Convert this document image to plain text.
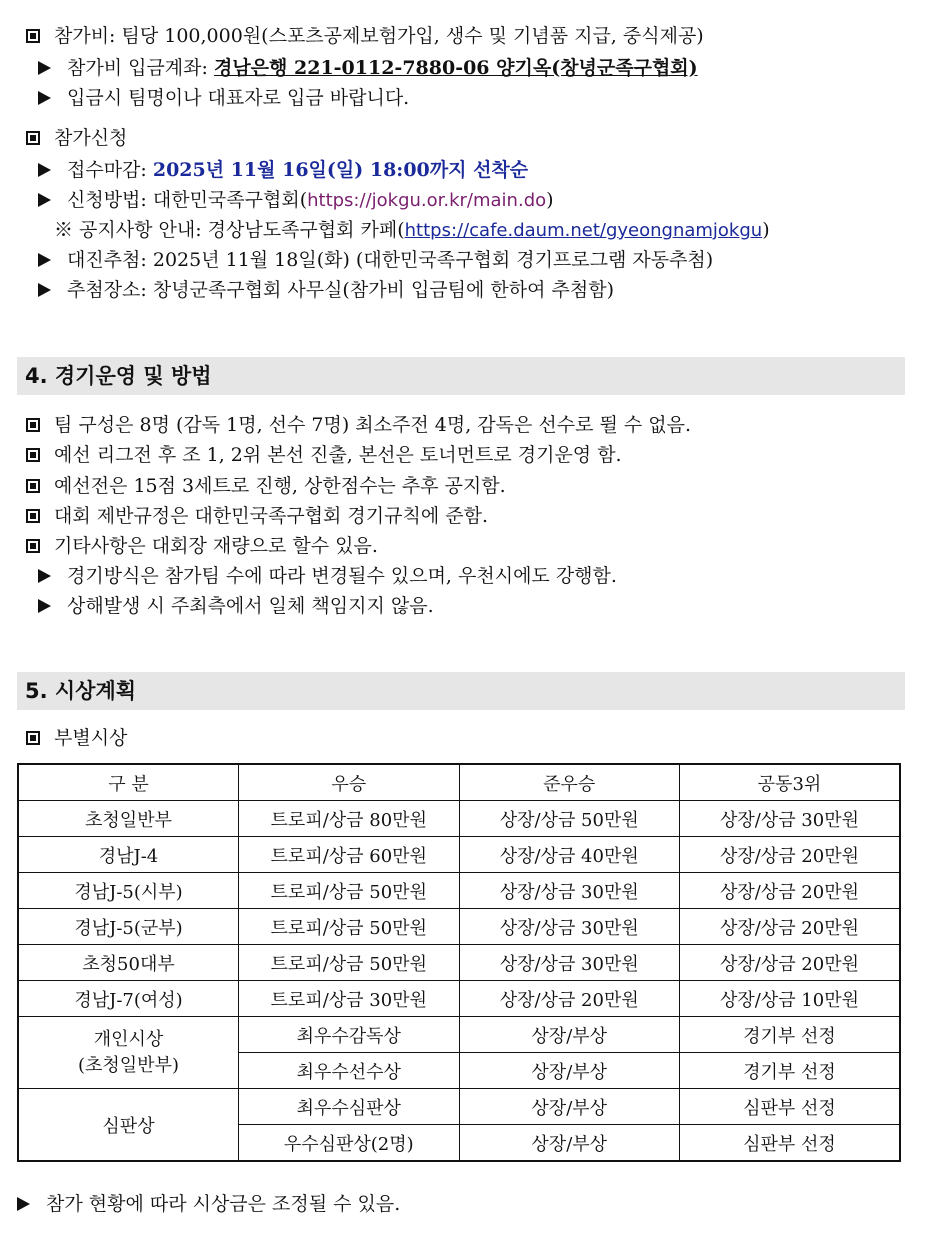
참가비: 팀당 100,000원(스포츠공제보험가입, 생수 및 기념품 지급, 중식제공)
참가비 입금계좌: 경남은행 221-0112-7880-06 양기옥(창녕군족구협회)
입금시 팀명이나 대표자로 입금 바랍니다.
참가신청
접수마감: 2025년 11월 16일(일) 18:00까지 선착순
신청방법: 대한민국족구협회(https://jokgu.or.kr/main.do)
※ 공지사항 안내: 경상남도족구협회 카페(https://cafe.daum.net/gyeongnamjokgu)
대진추첨: 2025년 11월 18일(화) (대한민국족구협회 경기프로그램 자동추첨)
추첨장소: 창녕군족구협회 사무실(참가비 입금팀에 한하여 추첨함)
4. 경기운영 및 방법
팀 구성은 8명 (감독 1명, 선수 7명) 최소주전 4명, 감독은 선수로 뛸 수 없음.
예선 리그전 후 조 1, 2위 본선 진출, 본선은 토너먼트로 경기운영 함.
예선전은 15점 3세트로 진행, 상한점수는 추후 공지함.
대회 제반규정은 대한민국족구협회 경기규칙에 준함.
기타사항은 대회장 재량으로 할수 있음.
경기방식은 참가팀 수에 따라 변경될수 있으며, 우천시에도 강행함.
상해발생 시 주최측에서 일체 책임지지 않음.
5. 시상계획
부별시상
구 분	우승	준우승	공동3위
초청일반부	트로피/상금 80만원	상장/상금 50만원	상장/상금 30만원
경남J-4	트로피/상금 60만원	상장/상금 40만원	상장/상금 20만원
경남J-5(시부)	트로피/상금 50만원	상장/상금 30만원	상장/상금 20만원
경남J-5(군부)	트로피/상금 50만원	상장/상금 30만원	상장/상금 20만원
초청50대부	트로피/상금 50만원	상장/상금 30만원	상장/상금 20만원
경남J-7(여성)	트로피/상금 30만원	상장/상금 20만원	상장/상금 10만원
개인시상
(초청일반부)	최우수감독상	상장/부상	경기부 선정
	최우수선수상	상장/부상	경기부 선정
심판상	최우수심판상	상장/부상	심판부 선정
	우수심판상(2명)	상장/부상	심판부 선정
참가 현황에 따라 시상금은 조정될 수 있음.
